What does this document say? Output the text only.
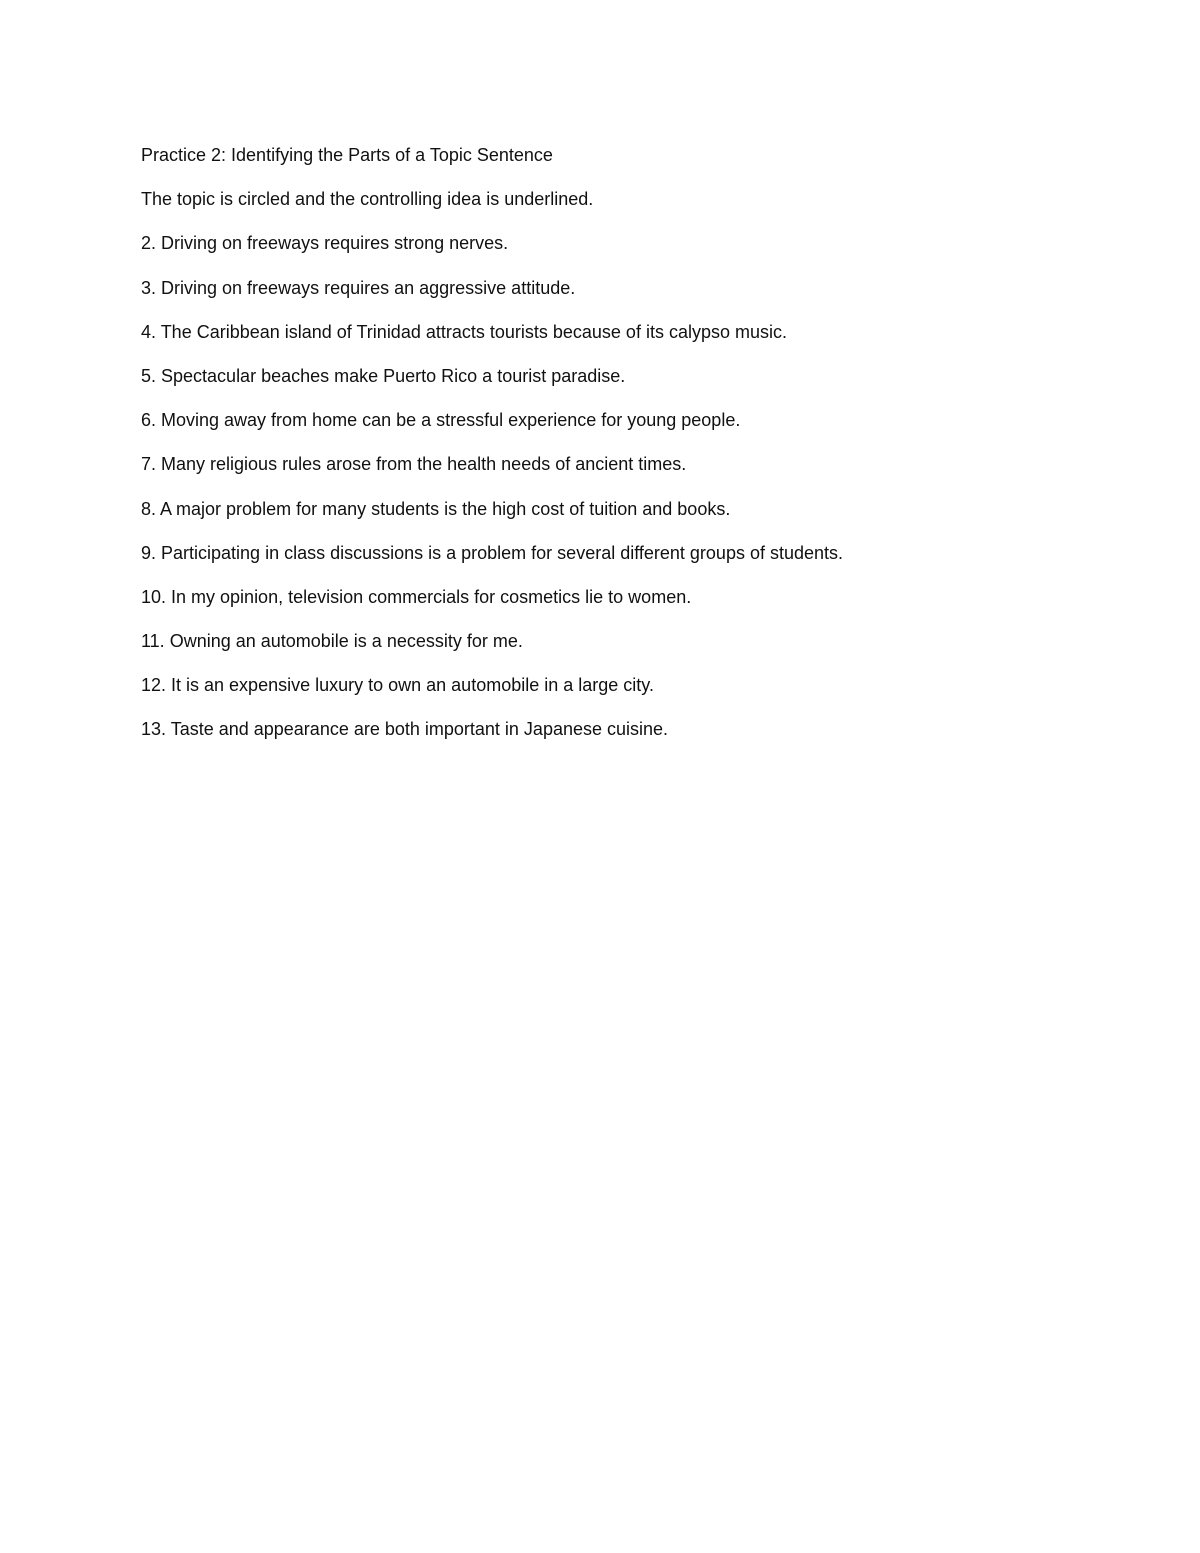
Practice 2: Identifying the Parts of a Topic Sentence
The topic is circled and the controlling idea is underlined.
2. Driving on freeways requires strong nerves.
3. Driving on freeways requires an aggressive attitude.
4. The Caribbean island of Trinidad attracts tourists because of its calypso music.
5. Spectacular beaches make Puerto Rico a tourist paradise.
6. Moving away from home can be a stressful experience for young people.
7. Many religious rules arose from the health needs of ancient times.
8. A major problem for many students is the high cost of tuition and books.
9. Participating in class discussions is a problem for several different groups of students.
10. In my opinion, television commercials for cosmetics lie to women.
11. Owning an automobile is a necessity for me.
12. It is an expensive luxury to own an automobile in a large city.
13. Taste and appearance are both important in Japanese cuisine.
